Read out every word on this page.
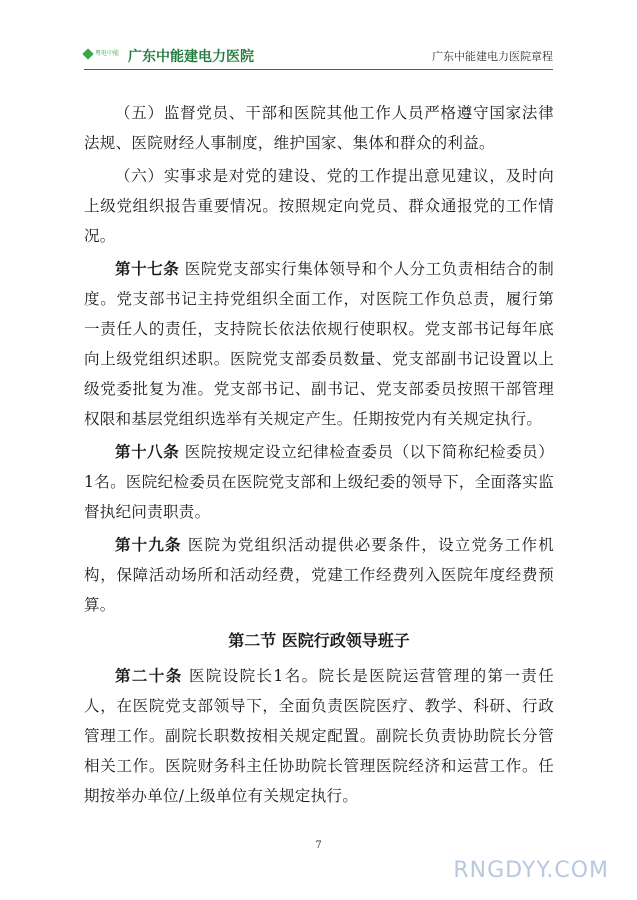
粤电中能 广东中能建电力医院	广东中能建电力医院章程

（五）监督党员、干部和医院其他工作人员严格遵守国家法律法规、医院财经人事制度，维护国家、集体和群众的利益。

（六）实事求是对党的建设、党的工作提出意见建议，及时向上级党组织报告重要情况。按照规定向党员、群众通报党的工作情况。

第十七条 医院党支部实行集体领导和个人分工负责相结合的制度。党支部书记主持党组织全面工作，对医院工作负总责，履行第一责任人的责任，支持院长依法依规行使职权。党支部书记每年底向上级党组织述职。医院党支部委员数量、党支部副书记设置以上级党委批复为准。党支部书记、副书记、党支部委员按照干部管理权限和基层党组织选举有关规定产生。任期按党内有关规定执行。

第十八条 医院按规定设立纪律检查委员（以下简称纪检委员）1名。医院纪检委员在医院党支部和上级纪委的领导下，全面落实监督执纪问责职责。

第十九条 医院为党组织活动提供必要条件，设立党务工作机构，保障活动场所和活动经费，党建工作经费列入医院年度经费预算。

第二节 医院行政领导班子

第二十条 医院设院长1名。院长是医院运营管理的第一责任人，在医院党支部领导下，全面负责医院医疗、教学、科研、行政管理工作。副院长职数按相关规定配置。副院长负责协助院长分管相关工作。医院财务科主任协助院长管理医院经济和运营工作。任期按举办单位/上级单位有关规定执行。

7
RNGDYY.COM
